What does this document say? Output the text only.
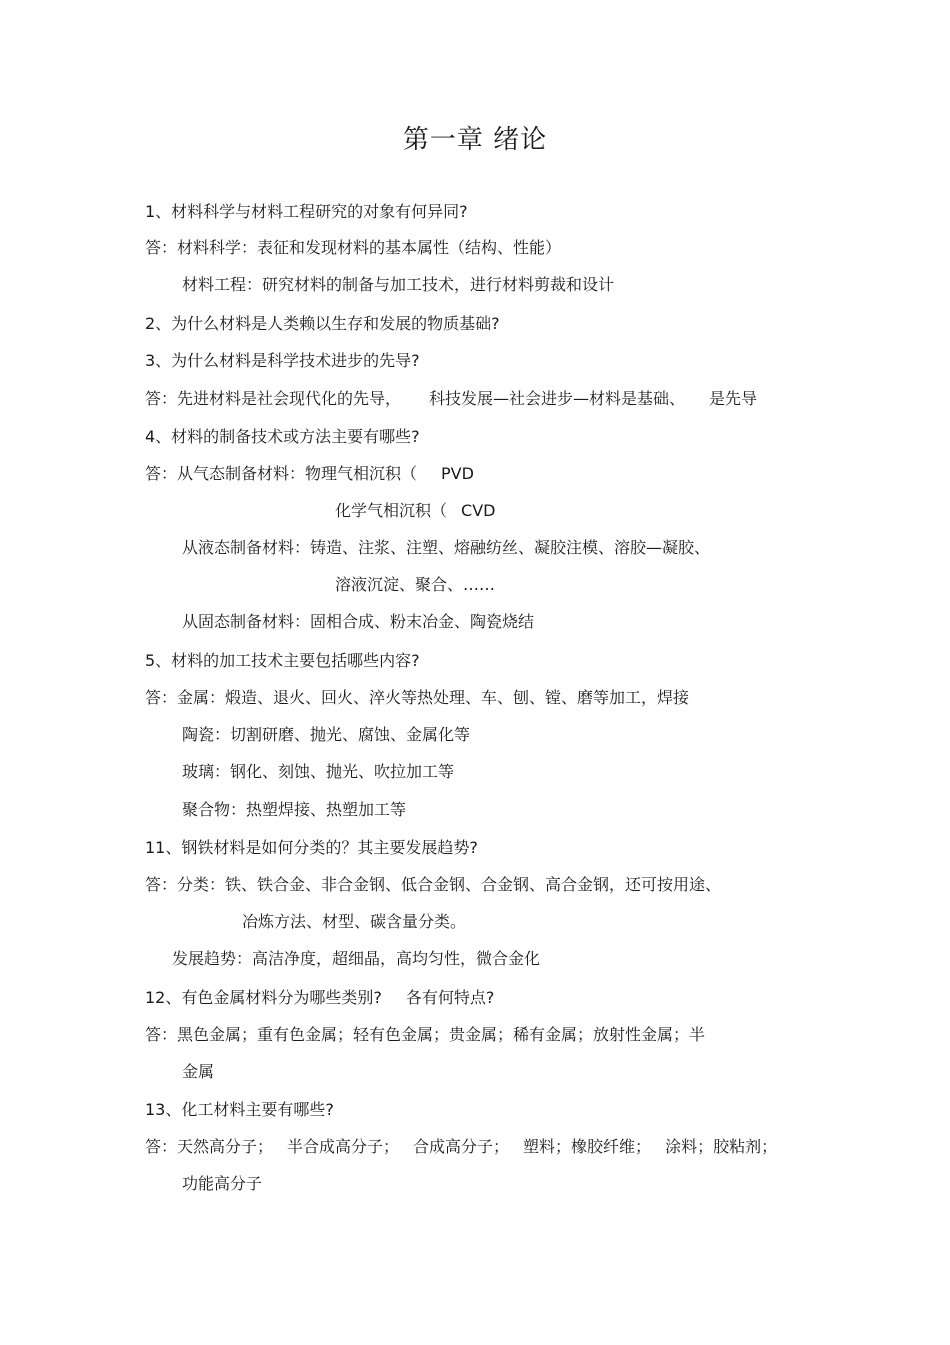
第一章 绪论
1、材料科学与材料工程研究的对象有何异同?
答：材料科学：表征和发现材料的基本属性（结构、性能）
材料工程：研究材料的制备与加工技术，进行材料剪裁和设计
2、为什么材料是人类赖以生存和发展的物质基础?
3、为什么材料是科学技术进步的先导?
答：先进材料是社会现代化的先导， 科技发展—社会进步—材料是基础、 是先导
4、材料的制备技术或方法主要有哪些?
答：从气态制备材料：物理气相沉积（ PVD
化学气相沉积（ CVD
从液态制备材料：铸造、注浆、注塑、熔融纺丝、凝胶注模、溶胶—凝胶、
溶液沉淀、聚合、……
从固态制备材料：固相合成、粉末冶金、陶瓷烧结
5、材料的加工技术主要包括哪些内容?
答：金属：煅造、退火、回火、淬火等热处理、车、刨、镗、磨等加工，焊接
陶瓷：切割研磨、抛光、腐蚀、金属化等
玻璃：钢化、刻蚀、抛光、吹拉加工等
聚合物：热塑焊接、热塑加工等
11、钢铁材料是如何分类的？其主要发展趋势?
答：分类：铁、铁合金、非合金钢、低合金钢、合金钢、高合金钢，还可按用途、
冶炼方法、材型、碳含量分类。
发展趋势：高洁净度，超细晶，高均匀性，微合金化
12、有色金属材料分为哪些类别? 各有何特点?
答：黑色金属；重有色金属；轻有色金属；贵金属；稀有金属；放射性金属；半
金属
13、化工材料主要有哪些?
答：天然高分子； 半合成高分子； 合成高分子； 塑料；橡胶纤维； 涂料；胶粘剂；
功能高分子
